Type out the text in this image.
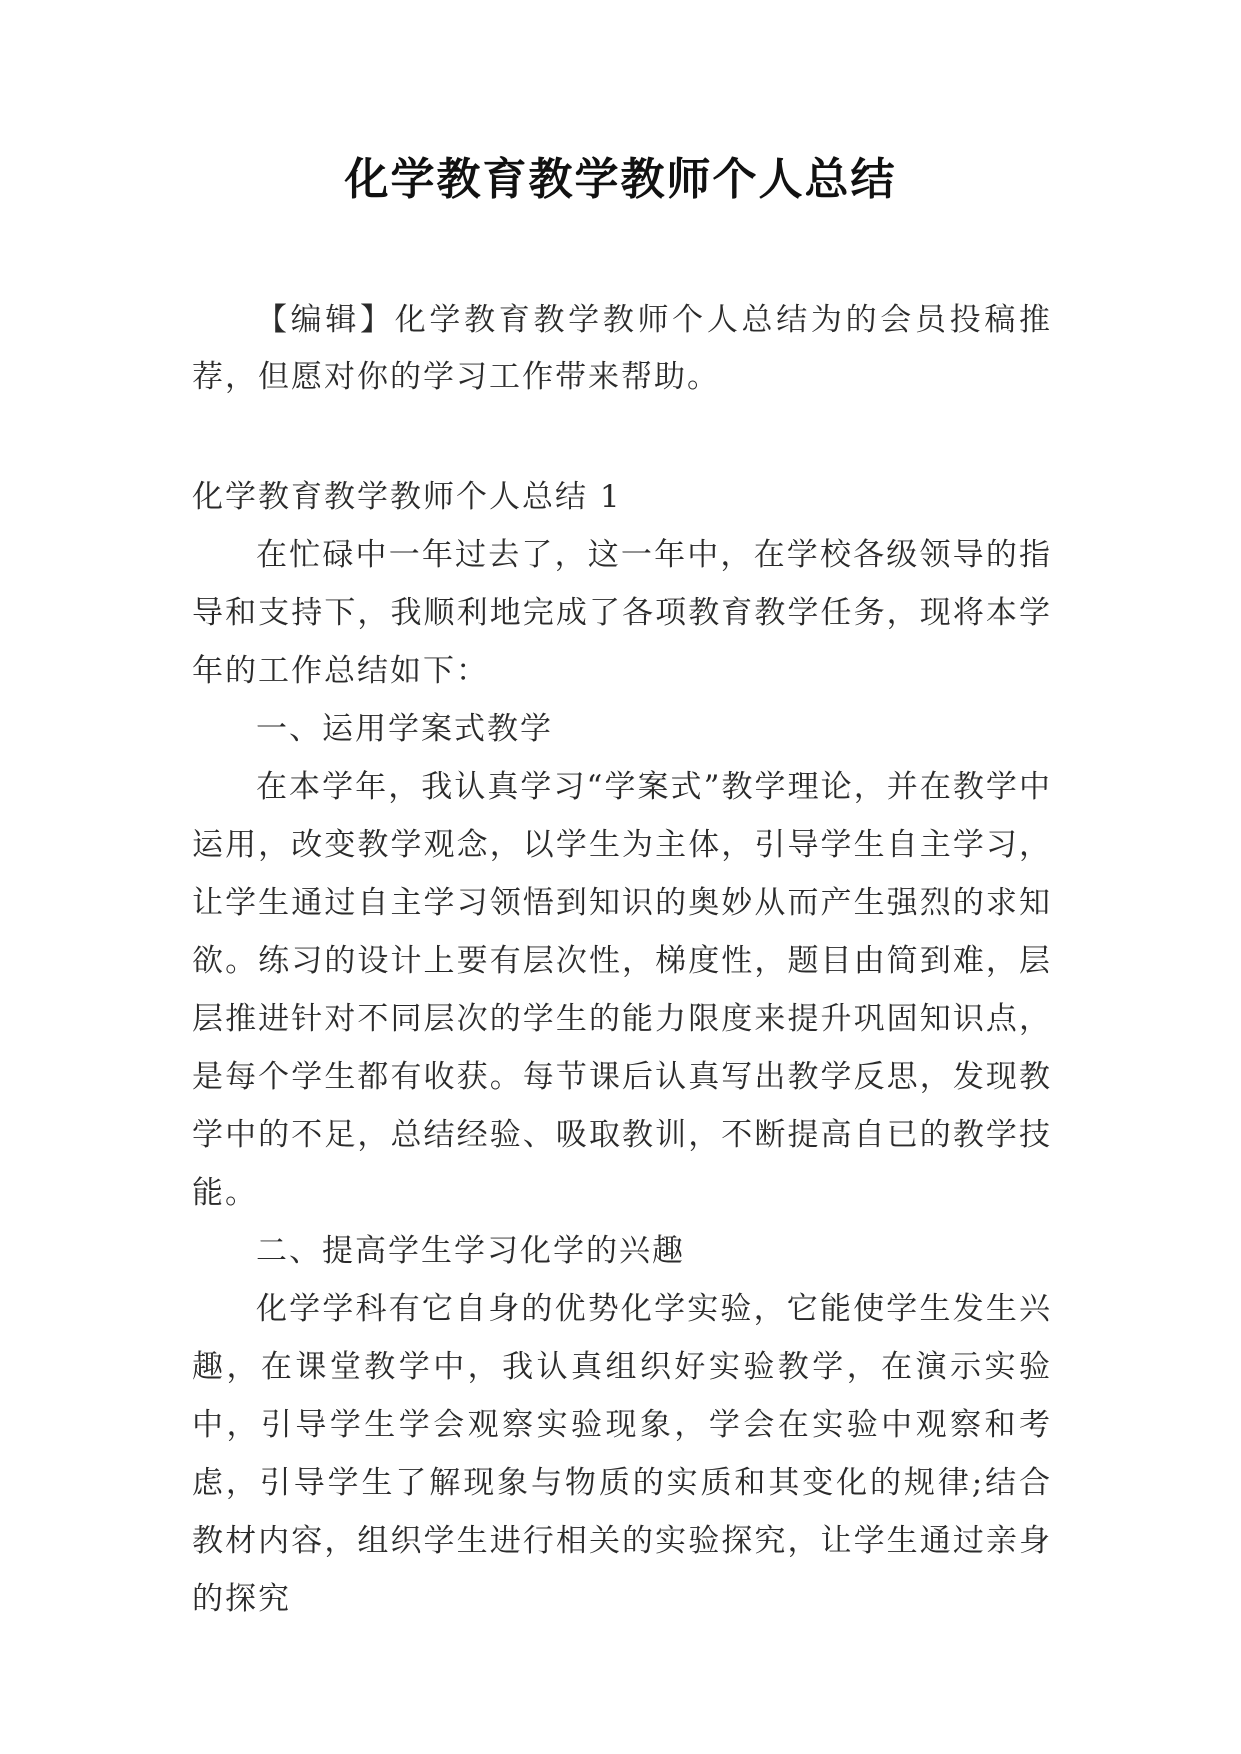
化学教育教学教师个人总结
【编辑】化学教育教学教师个人总结为的会员投稿推荐，但愿对你的学习工作带来帮助。

化学教育教学教师个人总结 1

在忙碌中一年过去了，这一年中，在学校各级领导的指导和支持下，我顺利地完成了各项教育教学任务，现将本学年的工作总结如下：

一、运用学案式教学

在本学年，我认真学习“学案式”教学理论，并在教学中运用，改变教学观念，以学生为主体，引导学生自主学习，让学生通过自主学习领悟到知识的奥妙从而产生强烈的求知欲。练习的设计上要有层次性，梯度性，题目由简到难，层层推进针对不同层次的学生的能力限度来提升巩固知识点，是每个学生都有收获。每节课后认真写出教学反思，发现教学中的不足，总结经验、吸取教训，不断提高自已的教学技能。

二、提高学生学习化学的兴趣

化学学科有它自身的优势化学实验，它能使学生发生兴趣，在课堂教学中，我认真组织好实验教学，在演示实验中，引导学生学会观察实验现象，学会在实验中观察和考虑，引导学生了解现象与物质的实质和其变化的规律;结合教材内容，组织学生进行相关的实验探究，让学生通过亲身的探究
